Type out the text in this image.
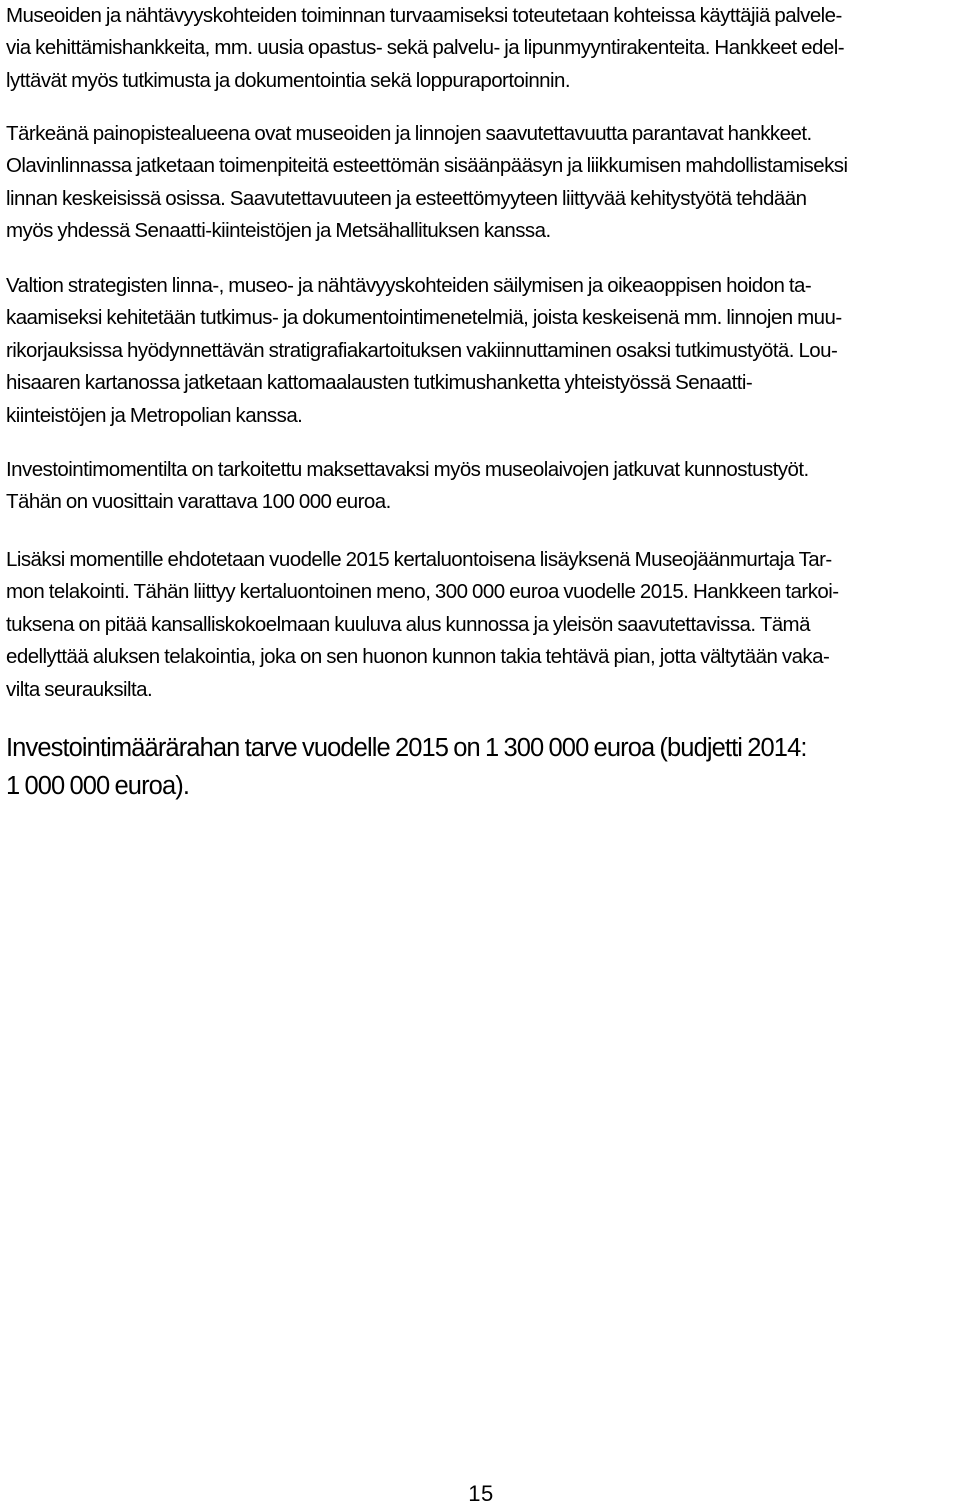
Museoiden ja nähtävyyskohteiden toiminnan turvaamiseksi toteutetaan kohteissa käyttäjiä palvele-
via kehittämishankkeita, mm. uusia opastus- sekä palvelu- ja lipunmyyntirakenteita. Hankkeet edel-
lyttävät myös tutkimusta ja dokumentointia sekä loppuraportoinnin.

Tärkeänä painopistealueena ovat museoiden ja linnojen saavutettavuutta parantavat hankkeet.
Olavinlinnassa jatketaan toimenpiteitä esteettömän sisäänpääsyn ja liikkumisen mahdollistamiseksi
linnan keskeisissä osissa. Saavutettavuuteen ja esteettömyyteen liittyvää kehitystyötä tehdään
myös yhdessä Senaatti-kiinteistöjen ja Metsähallituksen kanssa.

Valtion strategisten linna-, museo- ja nähtävyyskohteiden säilymisen ja oikeaoppisen hoidon ta-
kaamiseksi kehitetään tutkimus- ja dokumentointimenetelmiä, joista keskeisenä mm. linnojen muu-
rikorjauksissa hyödynnettävän stratigrafiakartoituksen vakiinnuttaminen osaksi tutkimustyötä. Lou-
hisaaren kartanossa jatketaan kattomaalausten tutkimushanketta yhteistyössä Senaatti-
kiinteistöjen ja Metropolian kanssa.

Investointimomentilta on tarkoitettu maksettavaksi myös museolaivojen jatkuvat kunnostustyöt.
Tähän on vuosittain varattava 100 000 euroa.

Lisäksi momentille ehdotetaan vuodelle 2015 kertaluontoisena lisäyksenä Museojäänmurtaja Tar-
mon telakointi. Tähän liittyy kertaluontoinen meno, 300 000 euroa vuodelle 2015. Hankkeen tarkoi-
tuksena on pitää kansalliskokoelmaan kuuluva alus kunnossa ja yleisön saavutettavissa. Tämä
edellyttää aluksen telakointia, joka on sen huonon kunnon takia tehtävä pian, jotta vältytään vaka-
vilta seurauksilta.

Investointimäärärahan tarve vuodelle 2015 on 1 300 000 euroa (budjetti 2014:
1 000 000 euroa).

15
